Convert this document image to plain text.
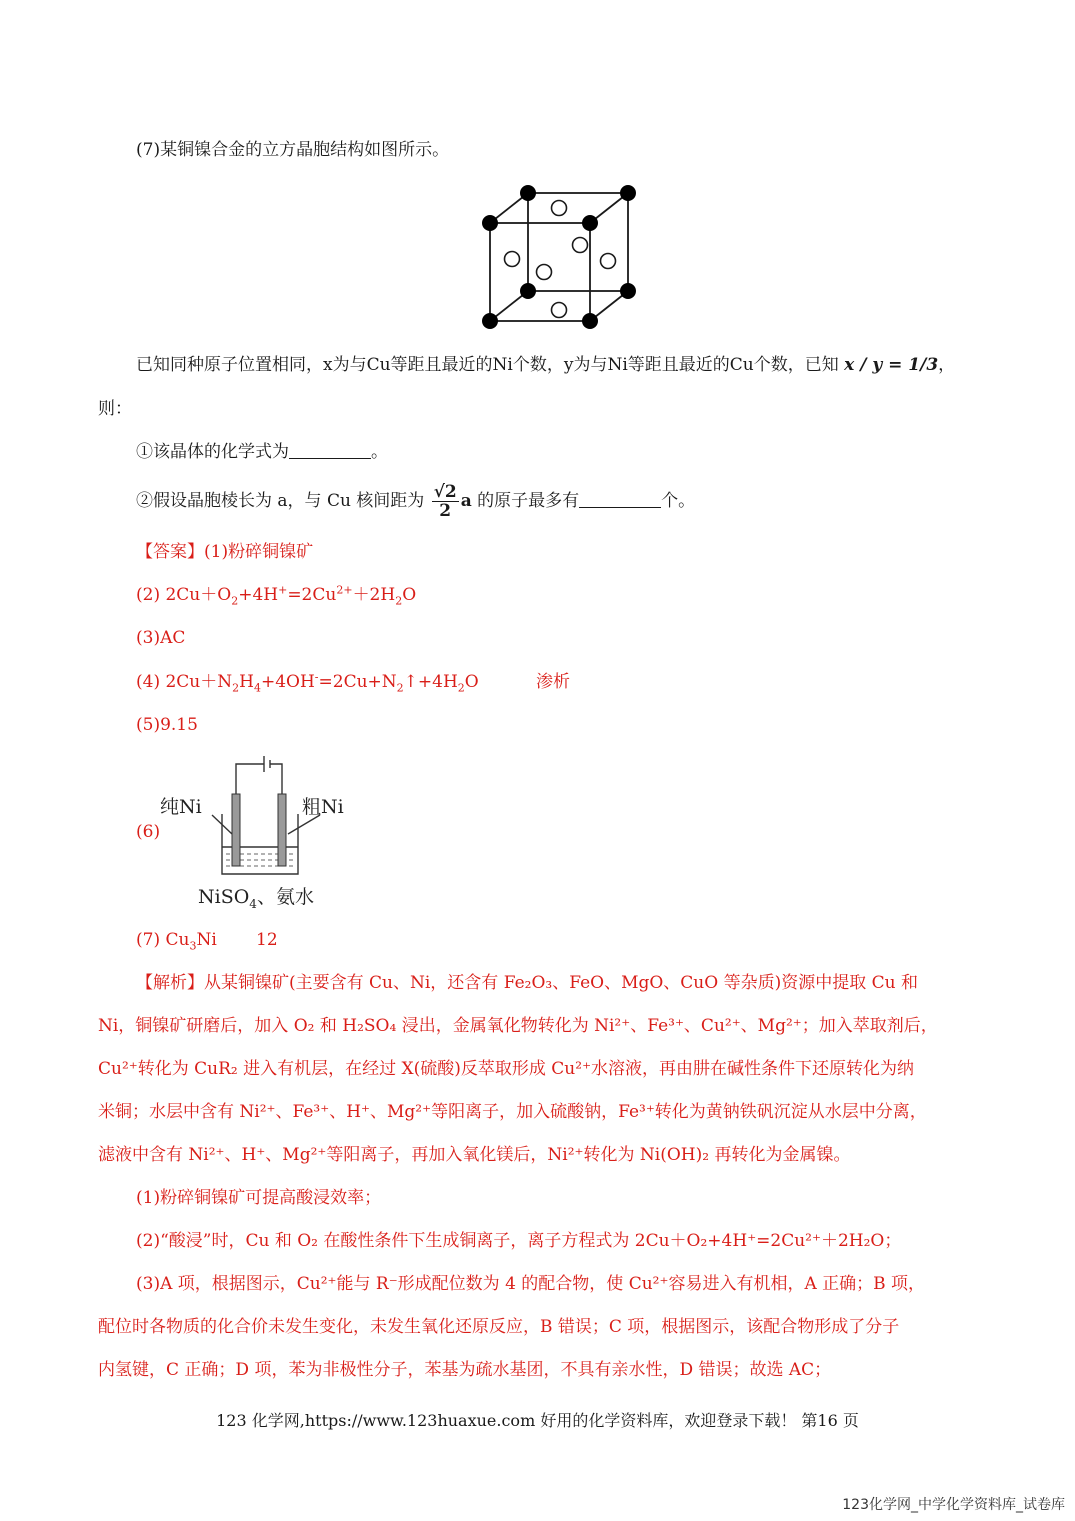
(7)某铜镍合金的立方晶胞结构如图所示。
已知同种原子位置相同，x为与Cu等距且最近的Ni个数，y为与Ni等距且最近的Cu个数，已知 x / y = 1/3，
则：
①该晶体的化学式为	。
②假设晶胞棱长为 a，与 Cu 核间距为 $\frac{√2}{2}$ a 的原子最多有	个。
【答案】(1)粉碎铜镍矿
(2) $2Cu+O_2+4H^+=2Cu^{2+}+2H_2O$
(3)AC
(4) $2Cu+N_2H_4+4OH^-=2Cu+N_2↑+4H_2O$	渗析
(5)9.15
(6)
纯Ni	粗Ni
NiSO$_4$、氨水
(7) $Cu_3Ni$ 12
【解析】从某铜镍矿(主要含有 Cu、Ni，还含有 Fe₂O₃、FeO、MgO、CuO 等杂质)资源中提取 Cu 和
Ni，铜镍矿研磨后，加入 O₂ 和 H₂SO₄ 浸出，金属氧化物转化为 Ni²⁺、Fe³⁺、Cu²⁺、Mg²⁺；加入萃取剂后，
Cu²⁺转化为 CuR₂ 进入有机层，在经过 X(硫酸)反萃取形成 Cu²⁺水溶液，再由肼在碱性条件下还原转化为纳
米铜；水层中含有 Ni²⁺、Fe³⁺、H⁺、Mg²⁺等阳离子，加入硫酸钠，Fe³⁺转化为黄钠铁矾沉淀从水层中分离，
滤液中含有 Ni²⁺、H⁺、Mg²⁺等阳离子，再加入氧化镁后，Ni²⁺转化为 Ni(OH)₂ 再转化为金属镍。
(1)粉碎铜镍矿可提高酸浸效率；
(2)“酸浸”时，Cu 和 O₂ 在酸性条件下生成铜离子，离子方程式为 2Cu＋O₂+4H⁺=2Cu²⁺＋2H₂O；
(3)A 项，根据图示，Cu²⁺能与 R⁻形成配位数为 4 的配合物，使 Cu²⁺容易进入有机相，A 正确；B 项，
配位时各物质的化合价未发生变化，未发生氧化还原反应，B 错误；C 项，根据图示，该配合物形成了分子
内氢键，C 正确；D 项，苯为非极性分子，苯基为疏水基团，不具有亲水性，D 错误；故选 AC；
123 化学网,https://www.123huaxue.com 好用的化学资料库，欢迎登录下载！ 第16 页
123化学网_中学化学资料库_试卷库
